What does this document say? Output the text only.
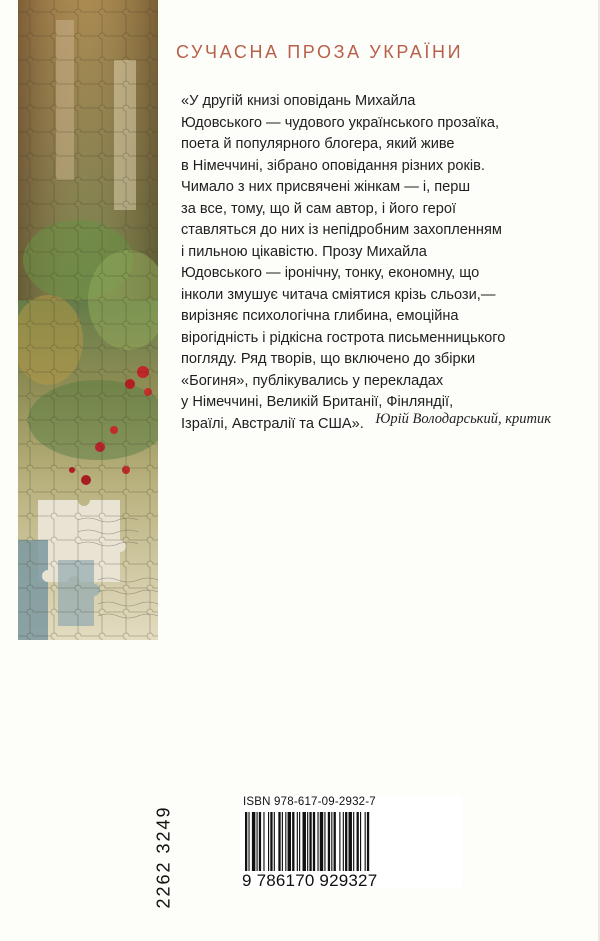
СУЧАСНА ПРОЗА УКРАЇНИ
«У другій книзі оповідань Михайла
Юдовського — чудового українського прозаїка,
поета й популярного блогера, який живе
в Німеччині, зібрано оповідання різних років.
Чимало з них присвячені жінкам — і, перш
за все, тому, що й сам автор, і його герої
ставляться до них із непідробним захопленням
і пильною цікавістю. Прозу Михайла
Юдовського — іронічну, тонку, економну, що
інколи змушує читача сміятися крізь сльози,—
вирізняє психологічна глибина, емоційна
вірогідність і рідкісна гострота письменницького
погляду. Ряд творів, що включено до збірки
«Богиня», публікувались у перекладах
у Німеччині, Великій Британії, Фінляндії,
Ізраїлі, Австралії та США». Юрій Володарський, критик
2262 3249
ISBN 978-617-09-2932-7
9 786170 929327
